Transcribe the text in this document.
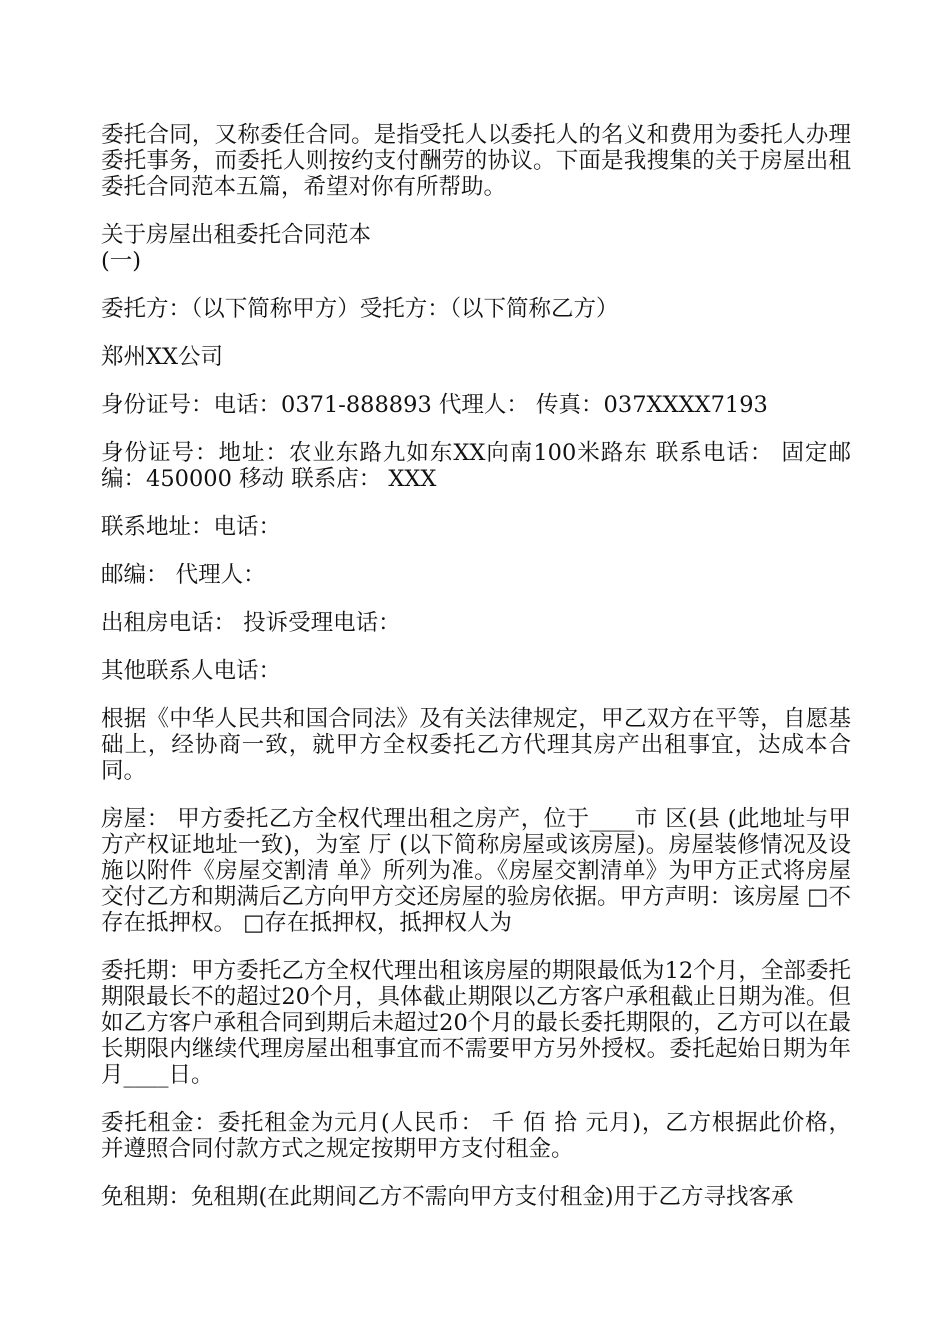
委托合同，又称委任合同。是指受托人以委托人的名义和费用为委托人办理委托事务，而委托人则按约支付酬劳的协议。下面是我搜集的关于房屋出租委托合同范本五篇，希望对你有所帮助。

关于房屋出租委托合同范本
(一)

委托方：（以下简称甲方）受托方：（以下简称乙方）

郑州XX公司

身份证号：电话：0371-888893 代理人： 传真：037XXXX7193

身份证号：地址：农业东路九如东XX向南100米路东 联系电话： 固定邮编：450000 移动 联系店： XXX

联系地址：电话：

邮编： 代理人：

出租房电话： 投诉受理电话：

其他联系人电话：

根据《中华人民共和国合同法》及有关法律规定，甲乙双方在平等，自愿基础上，经协商一致，就甲方全权委托乙方代理其房产出租事宜，达成本合同。

房屋： 甲方委托乙方全权代理出租之房产，位于____市 区(县 (此地址与甲方产权证地址一致)，为室 厅 (以下简称房屋或该房屋)。房屋装修情况及设施以附件《房屋交割清 单》所列为准。《房屋交割清单》为甲方正式将房屋交付乙方和期满后乙方向甲方交还房屋的验房依据。甲方声明：该房屋 □不存在抵押权。 □存在抵押权，抵押权人为

委托期：甲方委托乙方全权代理出租该房屋的期限最低为12个月，全部委托期限最长不的超过20个月，具体截止期限以乙方客户承租截止日期为准。但如乙方客户承租合同到期后未超过20个月的最长委托期限的，乙方可以在最长期限内继续代理房屋出租事宜而不需要甲方另外授权。委托起始日期为年月____日。

委托租金：委托租金为元月(人民币： 千 佰 拾 元月)，乙方根据此价格， 并遵照合同付款方式之规定按期甲方支付租金。

免租期：免租期(在此期间乙方不需向甲方支付租金)用于乙方寻找客承
